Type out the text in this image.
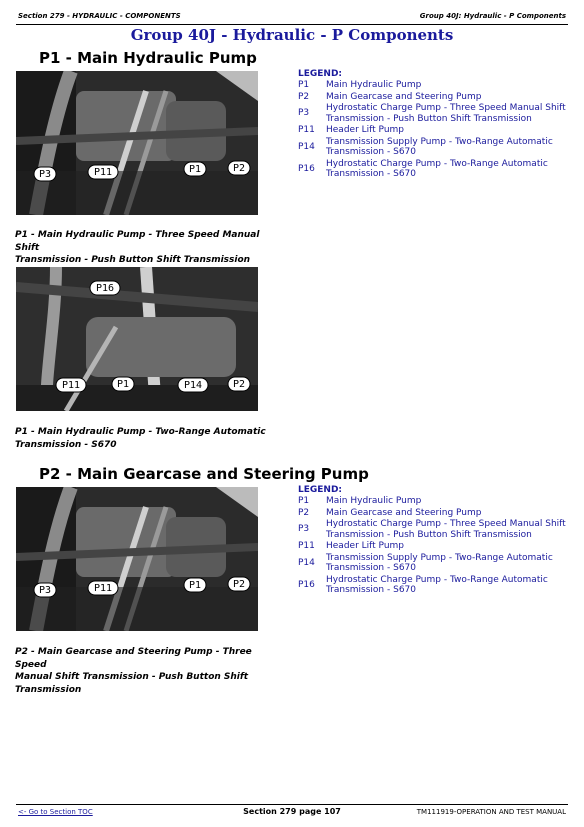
Section 279 - HYDRAULIC - COMPONENTS	Group 40J: Hydraulic - P Components
Group 40J - Hydraulic - P Components
P1 - Main Hydraulic Pump
P3	P11	P1	P2
P1 - Main Hydraulic Pump - Three Speed Manual Shift
Transmission - Push Button Shift Transmission
P16
P11	P1	P14	P2
P1 - Main Hydraulic Pump - Two-Range Automatic
Transmission - S670
P2 - Main Gearcase and Steering Pump
P3	P11	P1	P2
P2 - Main Gearcase and Steering Pump - Three Speed
Manual Shift Transmission - Push Button Shift
Transmission
LEGEND:
P1	Main Hydraulic Pump
P2	Main Gearcase and Steering Pump
P3
Hydrostatic Charge Pump - Three Speed Manual Shift
Transmission - Push Button Shift Transmission
P11	Header Lift Pump
P14
Transmission Supply Pump - Two-Range Automatic
Transmission - S670
P16
Hydrostatic Charge Pump - Two-Range Automatic
Transmission - S670
LEGEND:
P1	Main Hydraulic Pump
P2	Main Gearcase and Steering Pump
P3
Hydrostatic Charge Pump - Three Speed Manual Shift
Transmission - Push Button Shift Transmission
P11	Header Lift Pump
P14
Transmission Supply Pump - Two-Range Automatic
Transmission - S670
P16
Hydrostatic Charge Pump - Two-Range Automatic
Transmission - S670
<- Go to Section TOC	Section 279 page 107	TM111919-OPERATION AND TEST MANUAL
